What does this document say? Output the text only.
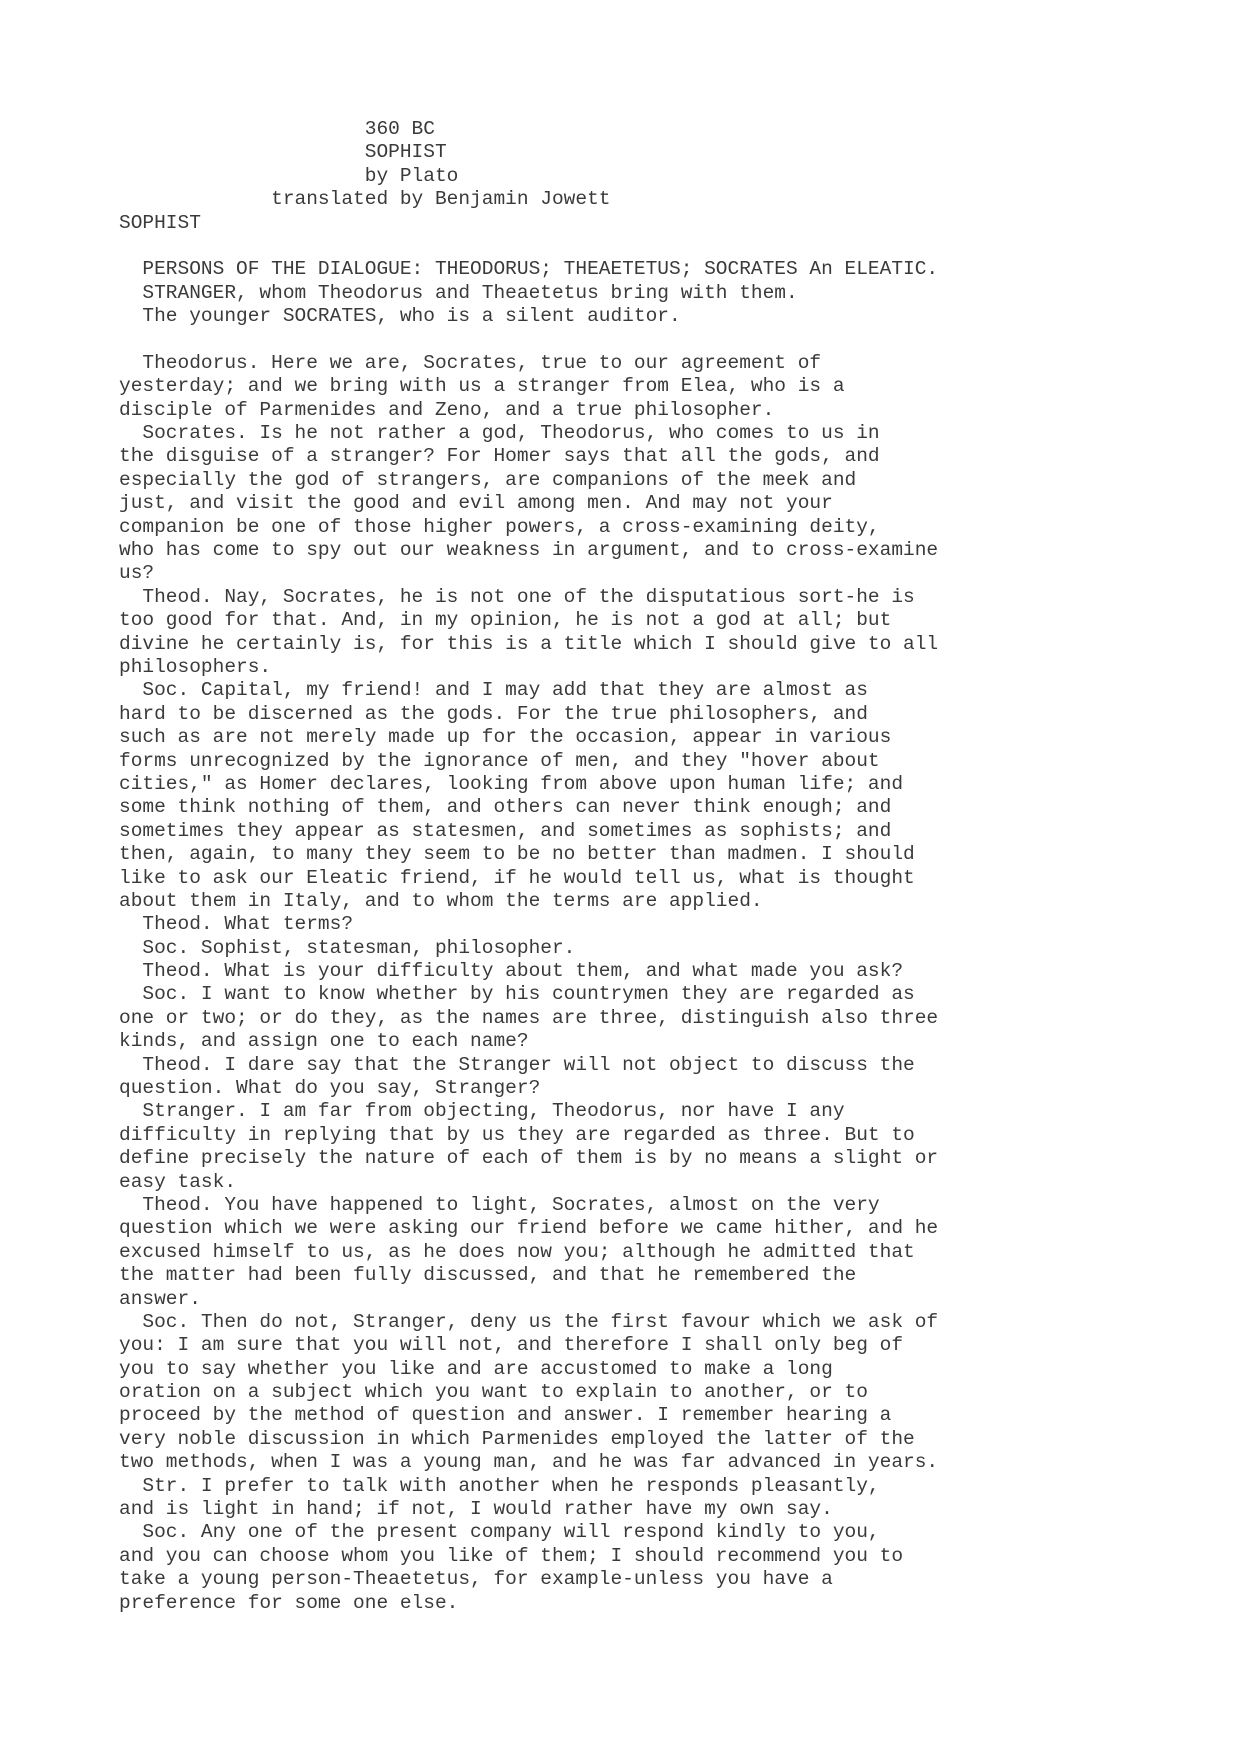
360 BC
SOPHIST
by Plato
translated by Benjamin Jowett
SOPHIST
PERSONS OF THE DIALOGUE: THEODORUS; THEAETETUS; SOCRATES An ELEATIC.
STRANGER, whom Theodorus and Theaetetus bring with them.
The younger SOCRATES, who is a silent auditor.
Theodorus. Here we are, Socrates, true to our agreement of
yesterday; and we bring with us a stranger from Elea, who is a
disciple of Parmenides and Zeno, and a true philosopher.
Socrates. Is he not rather a god, Theodorus, who comes to us in
the disguise of a stranger? For Homer says that all the gods, and
especially the god of strangers, are companions of the meek and
just, and visit the good and evil among men. And may not your
companion be one of those higher powers, a cross-examining deity,
who has come to spy out our weakness in argument, and to cross-examine
us?
Theod. Nay, Socrates, he is not one of the disputatious sort-he is
too good for that. And, in my opinion, he is not a god at all; but
divine he certainly is, for this is a title which I should give to all
philosophers.
Soc. Capital, my friend! and I may add that they are almost as
hard to be discerned as the gods. For the true philosophers, and
such as are not merely made up for the occasion, appear in various
forms unrecognized by the ignorance of men, and they "hover about
cities," as Homer declares, looking from above upon human life; and
some think nothing of them, and others can never think enough; and
sometimes they appear as statesmen, and sometimes as sophists; and
then, again, to many they seem to be no better than madmen. I should
like to ask our Eleatic friend, if he would tell us, what is thought
about them in Italy, and to whom the terms are applied.
Theod. What terms?
Soc. Sophist, statesman, philosopher.
Theod. What is your difficulty about them, and what made you ask?
Soc. I want to know whether by his countrymen they are regarded as
one or two; or do they, as the names are three, distinguish also three
kinds, and assign one to each name?
Theod. I dare say that the Stranger will not object to discuss the
question. What do you say, Stranger?
Stranger. I am far from objecting, Theodorus, nor have I any
difficulty in replying that by us they are regarded as three. But to
define precisely the nature of each of them is by no means a slight or
easy task.
Theod. You have happened to light, Socrates, almost on the very
question which we were asking our friend before we came hither, and he
excused himself to us, as he does now you; although he admitted that
the matter had been fully discussed, and that he remembered the
answer.
Soc. Then do not, Stranger, deny us the first favour which we ask of
you: I am sure that you will not, and therefore I shall only beg of
you to say whether you like and are accustomed to make a long
oration on a subject which you want to explain to another, or to
proceed by the method of question and answer. I remember hearing a
very noble discussion in which Parmenides employed the latter of the
two methods, when I was a young man, and he was far advanced in years.
Str. I prefer to talk with another when he responds pleasantly,
and is light in hand; if not, I would rather have my own say.
Soc. Any one of the present company will respond kindly to you,
and you can choose whom you like of them; I should recommend you to
take a young person-Theaetetus, for example-unless you have a
preference for some one else.
